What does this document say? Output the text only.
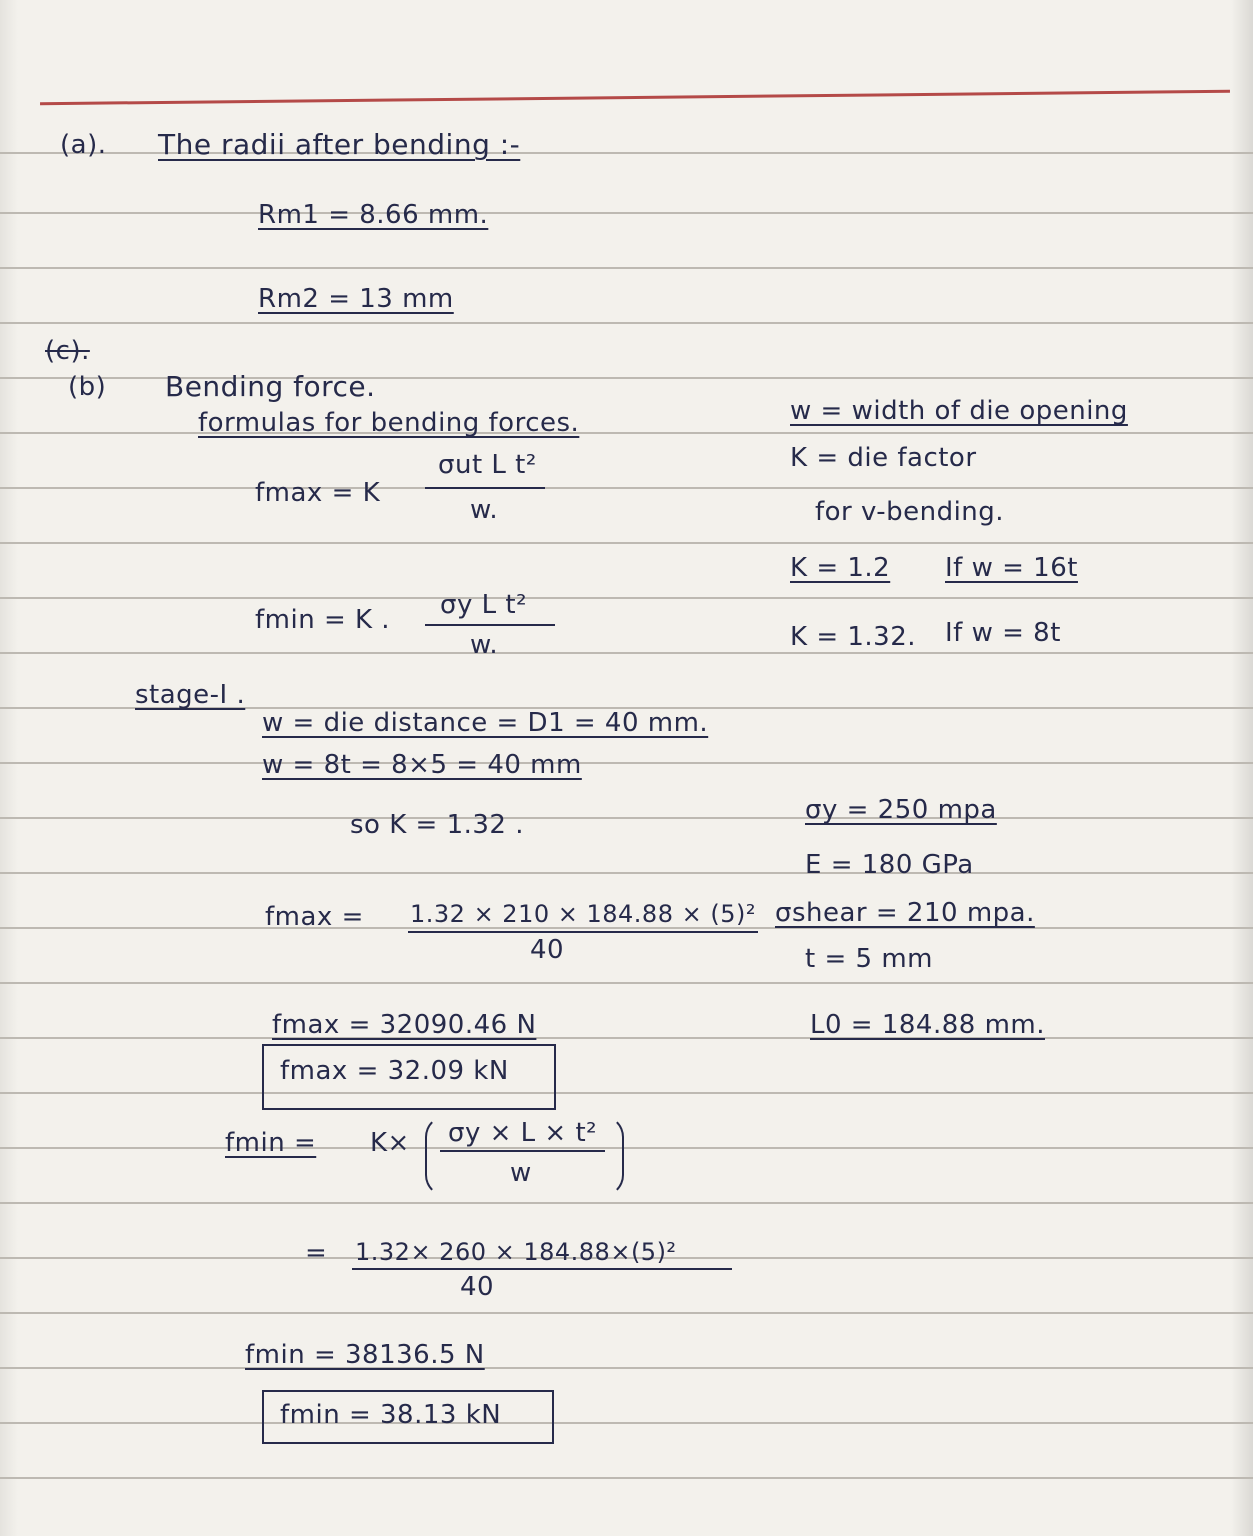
(a). The radii after bending :-
Rm1 = 8.66 mm.
Rm2 = 13 mm
(c).
(b) Bending force.
formulas for bending forces.
fmax = K
σut L t²
w.
fmin = K . σy L t²
w.
w = width of die opening
K = die factor
for v-bending.
K = 1.2 If w = 16t
K = 1.32. If w = 8t
stage-I .
w = die distance = D1 = 40 mm.
w = 8t = 8×5 = 40 mm
so K = 1.32 .	σy = 250 mpa
E = 180 GPa
fmax = 1.32 × 210 × 184.88 × (5)²
40
σshear = 210 mpa.
t = 5 mm
fmax = 32090.46 N	L0 = 184.88 mm.
fmax = 32.09 kN
fmin = K× σy × L × t²
w
= 1.32× 260 × 184.88×(5)²
40
fmin = 38136.5 N
fmin = 38.13 kN
